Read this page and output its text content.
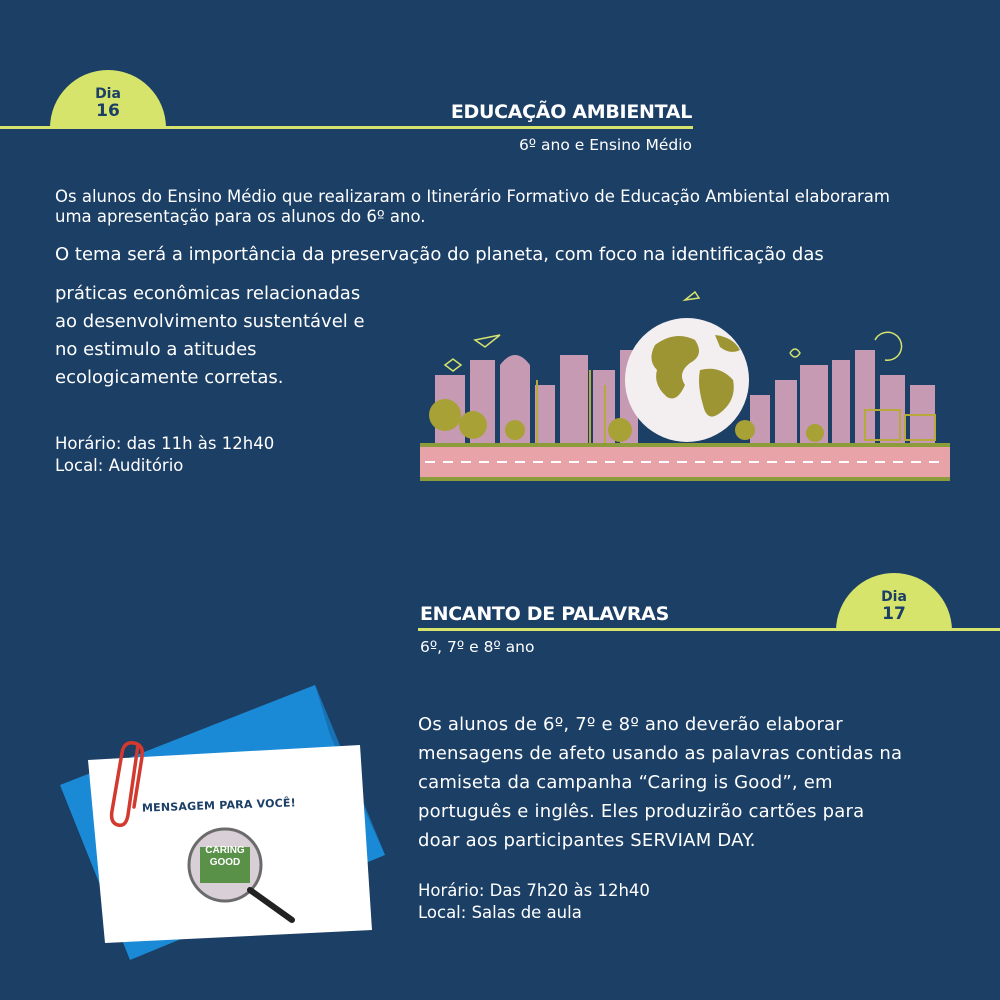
Dia
16	EDUCAÇÃO AMBIENTAL
6º ano e Ensino Médio

Os alunos do Ensino Médio que realizaram o Itinerário Formativo de Educação Ambiental elaboraram uma apresentação para os alunos do 6º ano.

O tema será a importância da preservação do planeta, com foco na identificação das

práticas econômicas relacionadas
ao desenvolvimento sustentável e
no estimulo a atitudes
ecologicamente corretas.
Horário: das 11h às 12h40
Local: Auditório
Dia
17
ENCANTO DE PALAVRAS
6º, 7º e 8º ano
Os alunos de 6º, 7º e 8º ano deverão elaborar
mensagens de afeto usando as palavras contidas na
camiseta da campanha “Caring is Good”, em
português e inglês. Eles produzirão cartões para
doar aos participantes SERVIAM DAY.
Horário: Das 7h20 às 12h40
Local: Salas de aula
MENSAGEM PARA VOCÊ!
CARING
GOOD
